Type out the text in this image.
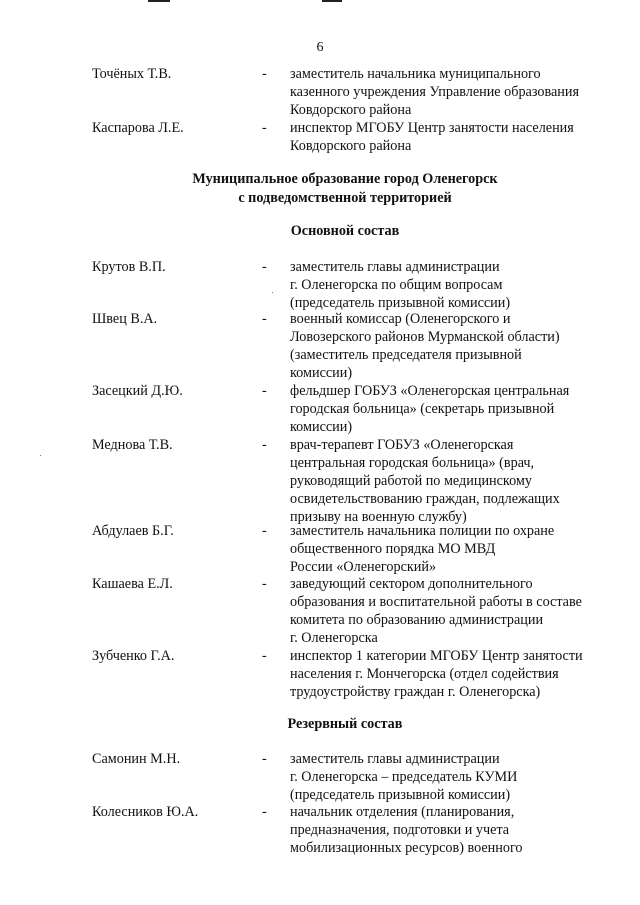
6
Точёных Т.В.	- заместитель начальника муниципального
казенного учреждения Управление образования
Ковдорского района
Каспарова Л.Е.	- инспектор МГОБУ Центр занятости населения
Ковдорского района
Муниципальное образование город Оленегорск
с подведомственной территорией
Основной состав
Крутов В.П.	- заместитель главы администрации
г. Оленегорска по общим вопросам
(председатель призывной комиссии)
Швец В.А.	- военный комиссар (Оленегорского и
Ловозерского районов Мурманской области)
(заместитель председателя призывной
комиссии)
Засецкий Д.Ю.	- фельдшер ГОБУЗ «Оленегорская центральная
городская больница» (секретарь призывной
комиссии)
Меднова Т.В.	- врач-терапевт ГОБУЗ «Оленегорская
центральная городская больница» (врач,
руководящий работой по медицинскому
освидетельствованию граждан, подлежащих
призыву на военную службу)
Абдулаев Б.Г.	- заместитель начальника полиции по охране
общественного порядка МО МВД
России «Оленегорский»
Кашаева Е.Л.	- заведующий сектором дополнительного
образования и воспитательной работы в составе
комитета по образованию администрации
г. Оленегорска
Зубченко Г.А.	- инспектор 1 категории МГОБУ Центр занятости
населения г. Мончегорска (отдел содействия
трудоустройству граждан г. Оленегорска)
Резервный состав
Самонин М.Н.	- заместитель главы администрации
г. Оленегорска – председатель КУМИ
(председатель призывной комиссии)
Колесников Ю.А.	- начальник отделения (планирования,
предназначения, подготовки и учета
мобилизационных ресурсов) военного
